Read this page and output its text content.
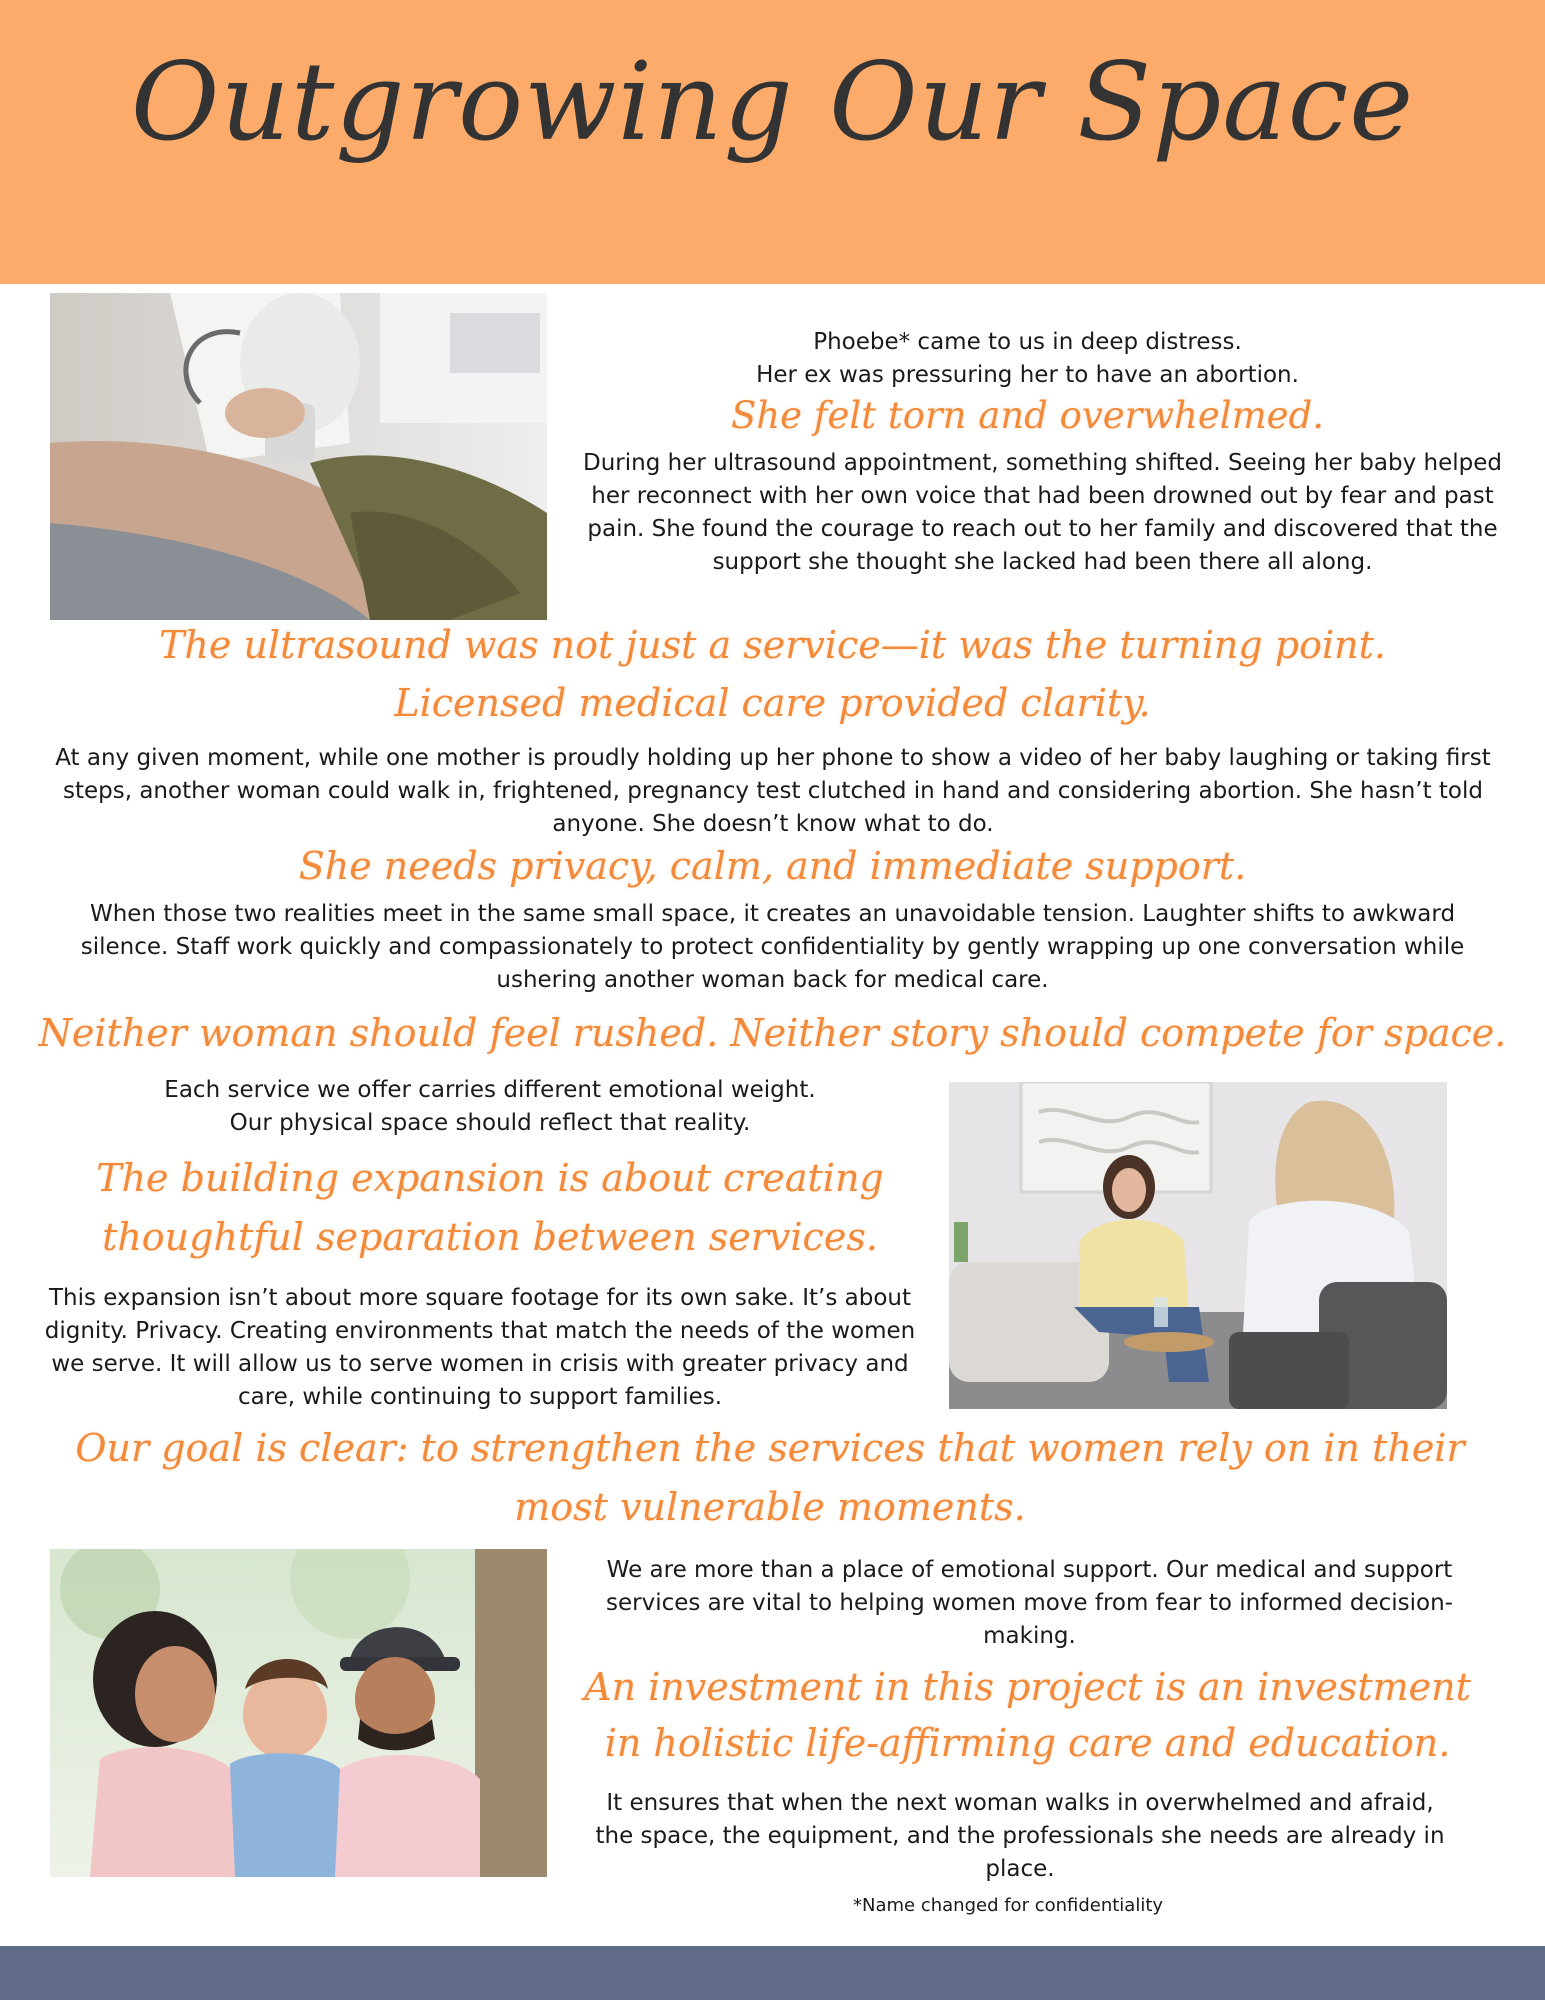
Outgrowing Our Space

Phoebe* came to us in deep distress.

Her ex was pressuring her to have an abortion.

She felt torn and overwhelmed.

During her ultrasound appointment, something shifted. Seeing her baby helped her reconnect with her own voice that had been drowned out by fear and past pain. She found the courage to reach out to her family and discovered that the support she thought she lacked had been there all along.

The ultrasound was not just a service—it was the turning point.

Licensed medical care provided clarity.

At any given moment, while one mother is proudly holding up her phone to show a video of her baby laughing or taking first steps, another woman could walk in, frightened, pregnancy test clutched in hand and considering abortion. She hasn’t told anyone. She doesn’t know what to do.

She needs privacy, calm, and immediate support.

When those two realities meet in the same small space, it creates an unavoidable tension. Laughter shifts to awkward silence. Staff work quickly and compassionately to protect confidentiality by gently wrapping up one conversation while ushering another woman back for medical care.

Neither woman should feel rushed. Neither story should compete for space.

Each service we offer carries different emotional weight.

Our physical space should reflect that reality.

The building expansion is about creating

thoughtful separation between services.

This expansion isn’t about more square footage for its own sake. It’s about dignity. Privacy. Creating environments that match the needs of the women we serve. It will allow us to serve women in crisis with greater privacy and care, while continuing to support families.

Our goal is clear: to strengthen the services that women rely on in their

most vulnerable moments.

We are more than a place of emotional support. Our medical and support services are vital to helping women move from fear to informed decision-making.

An investment in this project is an investment

in holistic life-affirming care and education.

It ensures that when the next woman walks in overwhelmed and afraid, the space, the equipment, and the professionals she needs are already in place.

*Name changed for confidentiality
